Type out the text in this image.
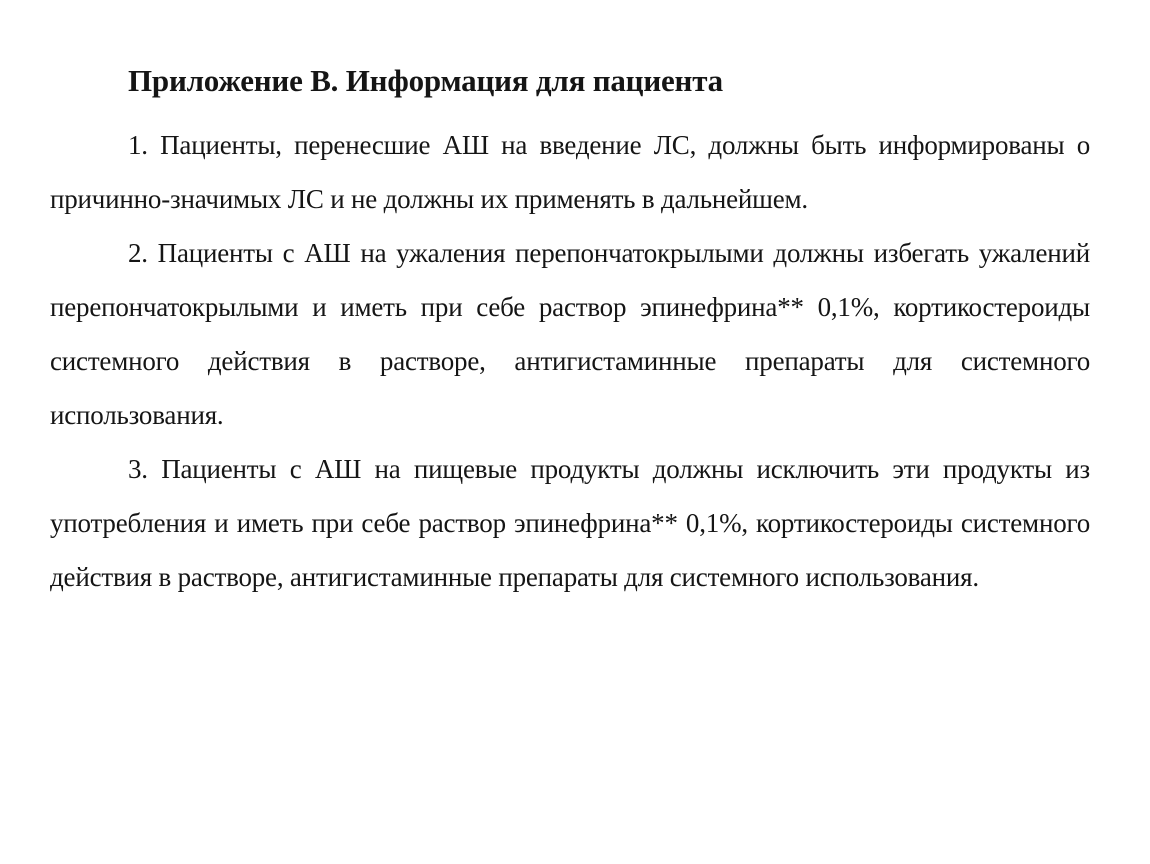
Приложение В. Информация для пациента

1. Пациенты, перенесшие АШ на введение ЛС, должны быть информированы о причинно-значимых ЛС и не должны их применять в дальнейшем.

2. Пациенты с АШ на ужаления перепончатокрылыми должны избегать ужалений перепончатокрылыми и иметь при себе раствор эпинефрина** 0,1%, кортикостероиды системного действия в растворе, антигистаминные препараты для системного использования.

3. Пациенты с АШ на пищевые продукты должны исключить эти продукты из употребления и иметь при себе раствор эпинефрина** 0,1%, кортикостероиды системного действия в растворе, антигистаминные препараты для системного использования.
